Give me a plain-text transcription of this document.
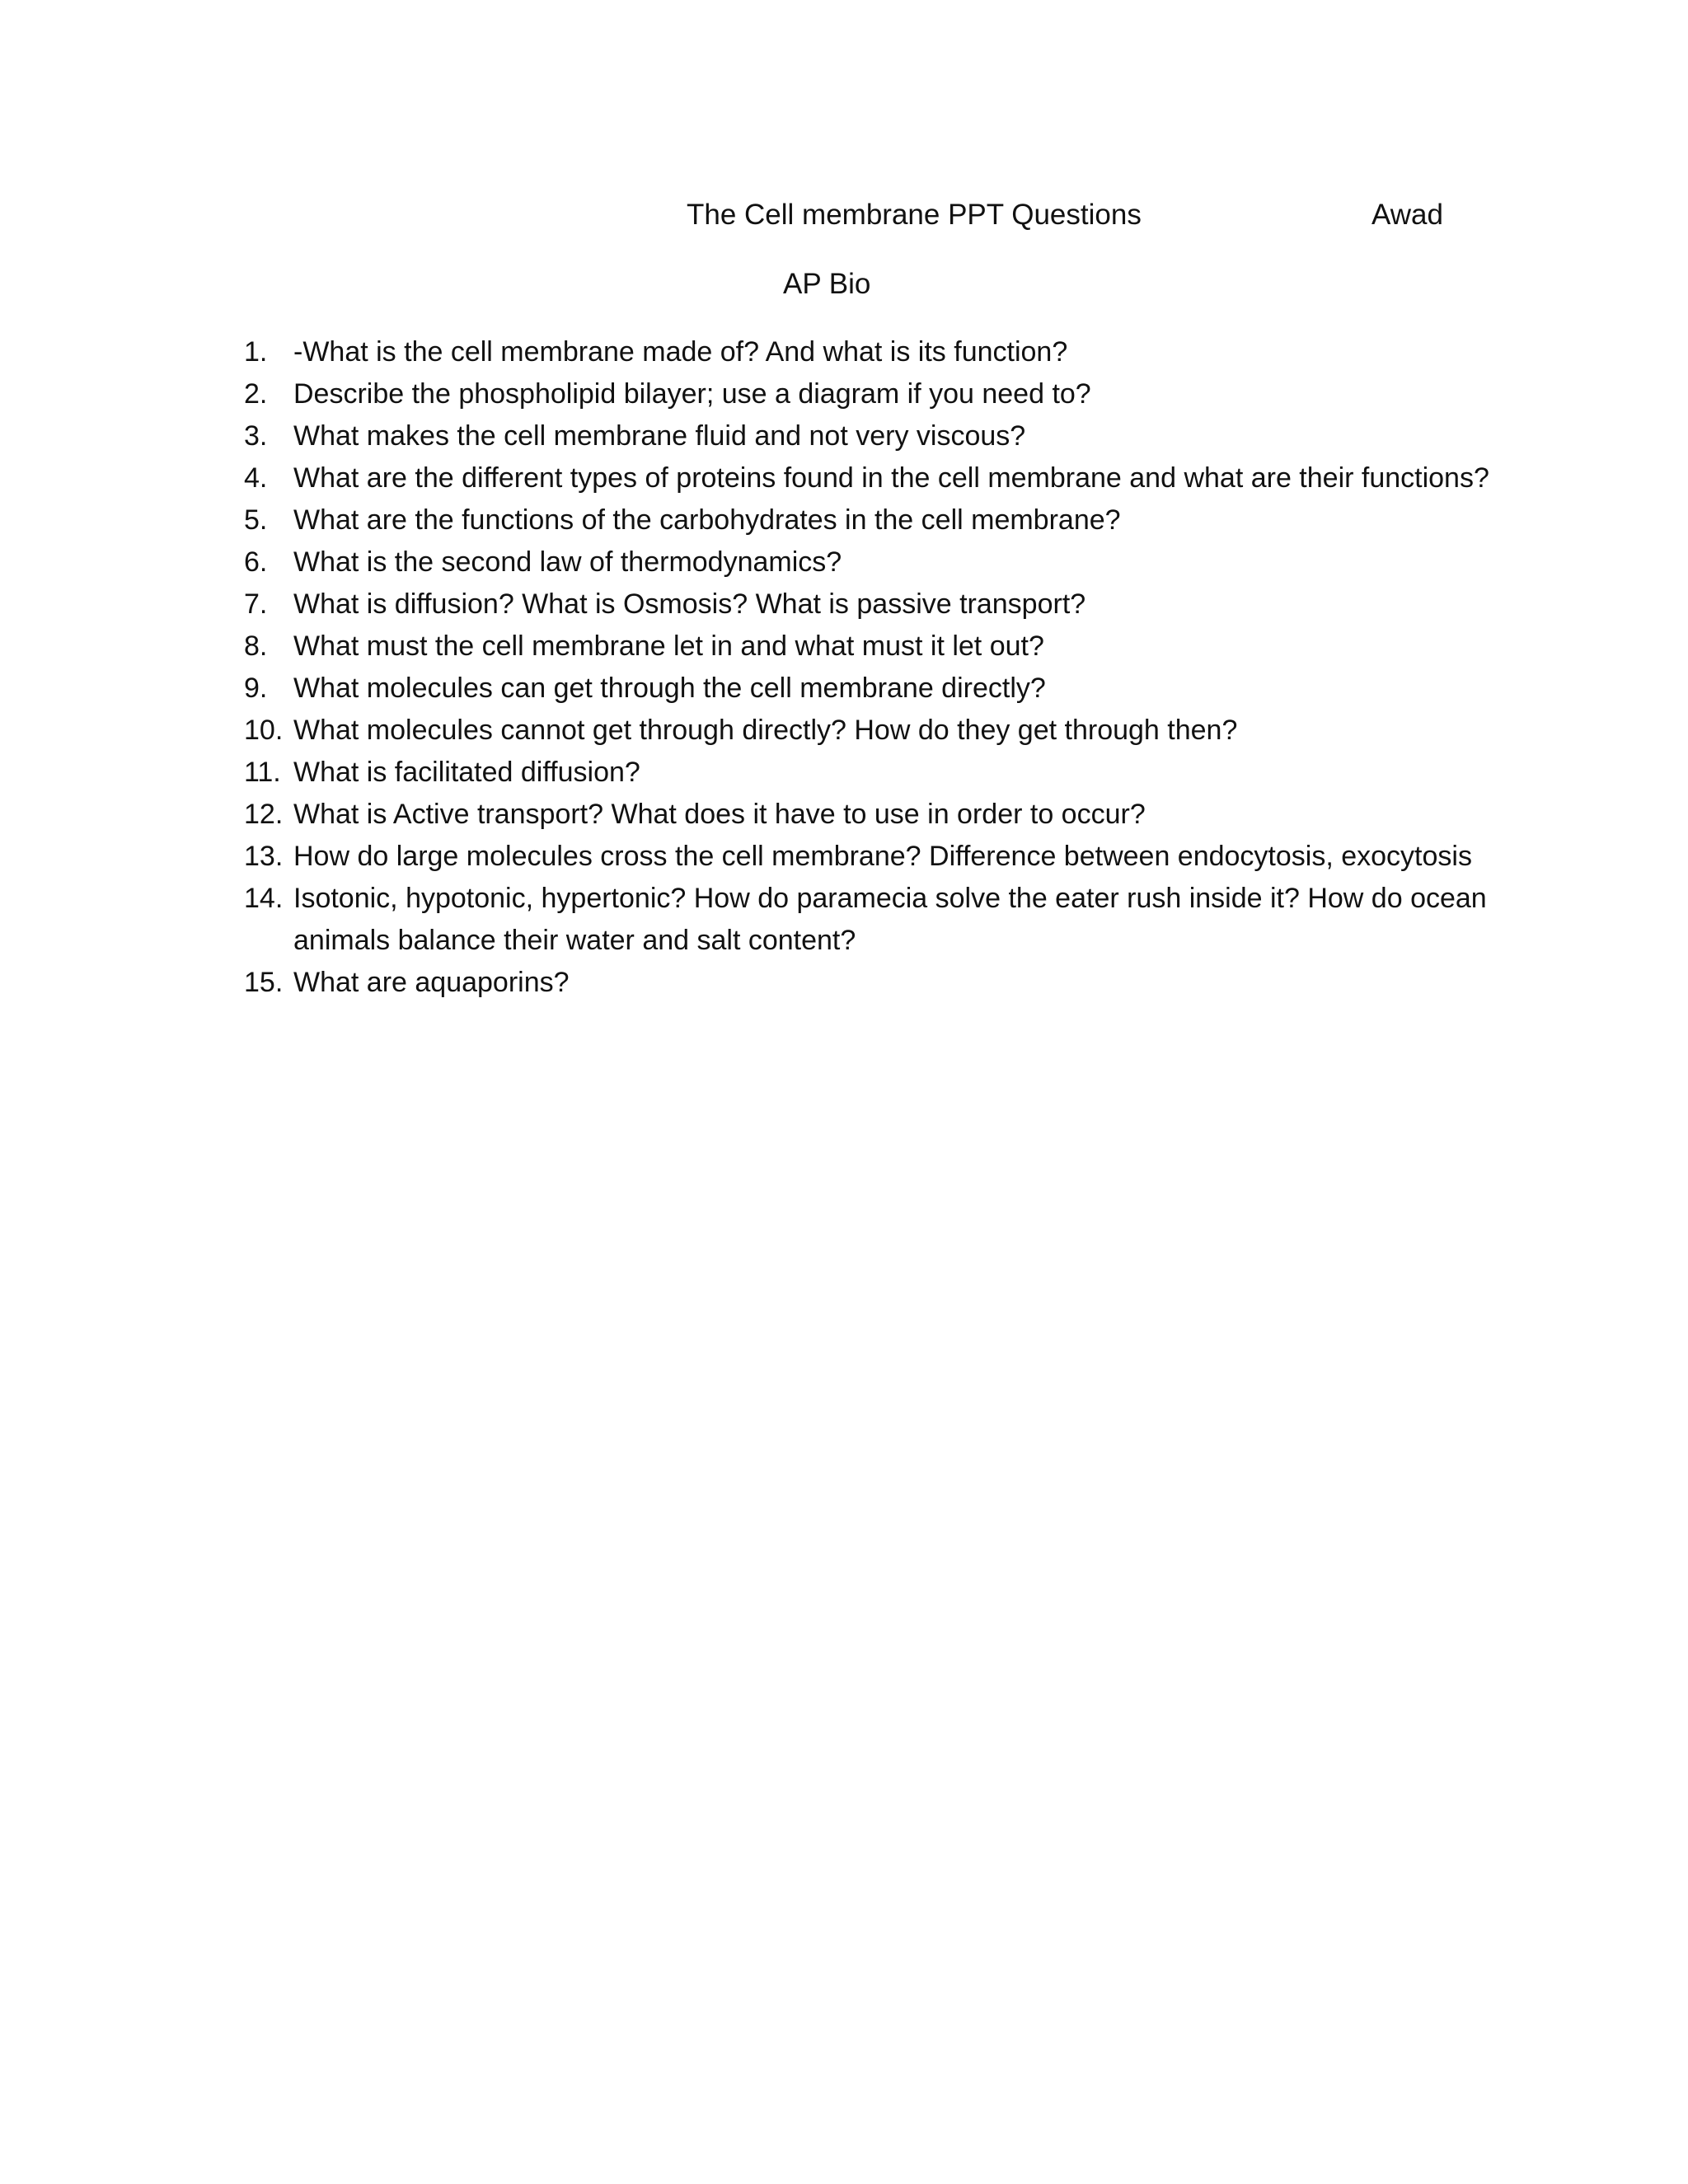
The Cell membrane PPT Questions	Awad
AP Bio
1. -What is the cell membrane made of? And what is its function?
2. Describe the phospholipid bilayer; use a diagram if you need to?
3. What makes the cell membrane fluid and not very viscous?
4. What are the different types of proteins found in the cell membrane and what are their functions?
5. What are the functions of the carbohydrates in the cell membrane?
6. What is the second law of thermodynamics?
7. What is diffusion? What is Osmosis? What is passive transport?
8. What must the cell membrane let in and what must it let out?
9. What molecules can get through the cell membrane directly?
10. What molecules cannot get through directly? How do they get through then?
11. What is facilitated diffusion?
12. What is Active transport? What does it have to use in order to occur?
13. How do large molecules cross the cell membrane? Difference between endocytosis, exocytosis
14. Isotonic, hypotonic, hypertonic? How do paramecia solve the eater rush inside it? How do ocean animals balance their water and salt content?
15. What are aquaporins?
